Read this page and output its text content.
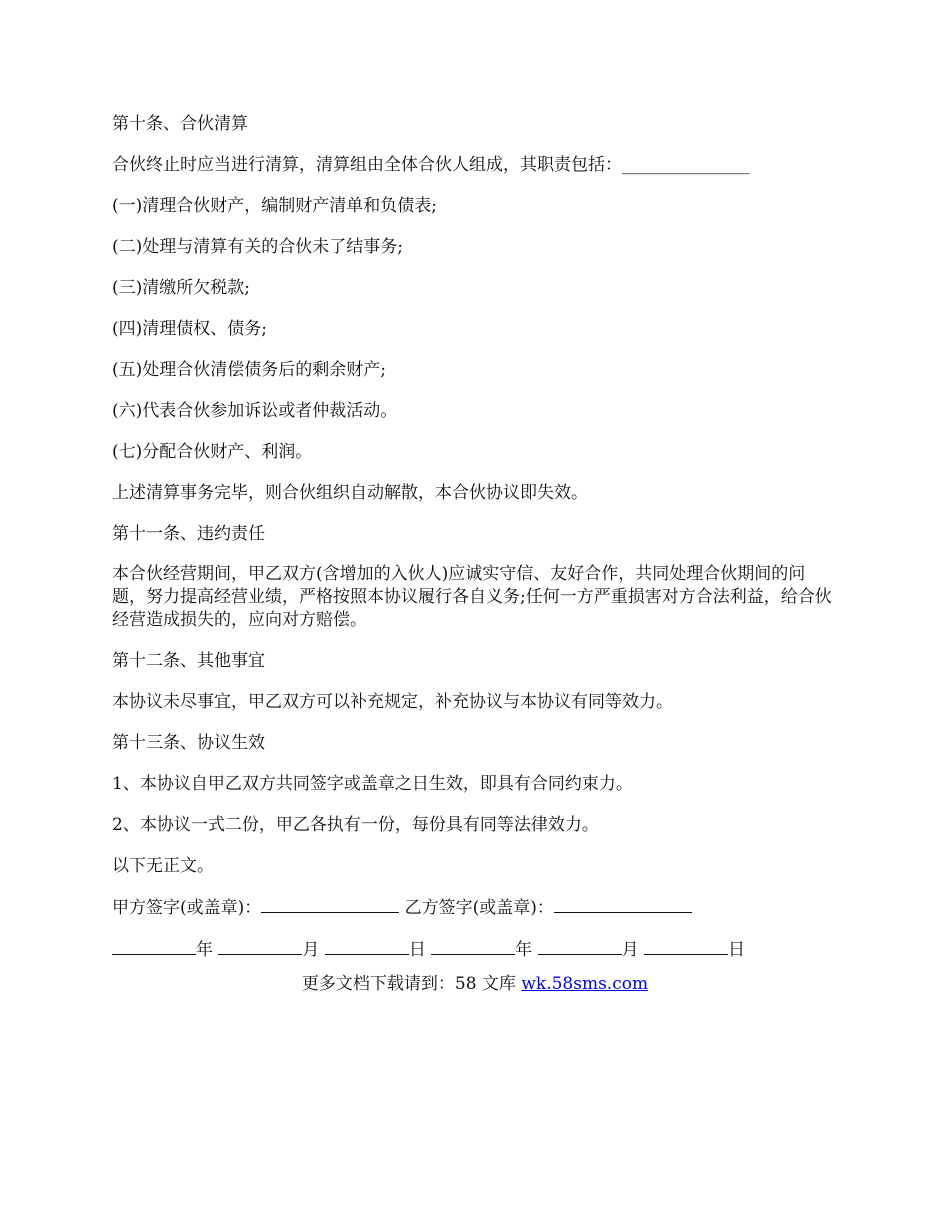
第十条、合伙清算

合伙终止时应当进行清算，清算组由全体合伙人组成，其职责包括：_______________

(一)清理合伙财产，编制财产清单和负债表;

(二)处理与清算有关的合伙未了结事务;

(三)清缴所欠税款;

(四)清理债权、债务;

(五)处理合伙清偿债务后的剩余财产;

(六)代表合伙参加诉讼或者仲裁活动。

(七)分配合伙财产、利润。

上述清算事务完毕，则合伙组织自动解散，本合伙协议即失效。

第十一条、违约责任

本合伙经营期间，甲乙双方(含增加的入伙人)应诚实守信、友好合作，共同处理合伙期间的问题，努力提高经营业绩，严格按照本协议履行各自义务;任何一方严重损害对方合法利益，给合伙经营造成损失的，应向对方赔偿。

第十二条、其他事宜

本协议未尽事宜，甲乙双方可以补充规定，补充协议与本协议有同等效力。

第十三条、协议生效

1、本协议自甲乙双方共同签字或盖章之日生效，即具有合同约束力。

2、本协议一式二份，甲乙各执有一份，每份具有同等法律效力。

以下无正文。

甲方签字(或盖章)：	乙方签字(或盖章)：
年	月	日	年	月	日
更多文档下载请到：58 文库 wk.58sms.com
